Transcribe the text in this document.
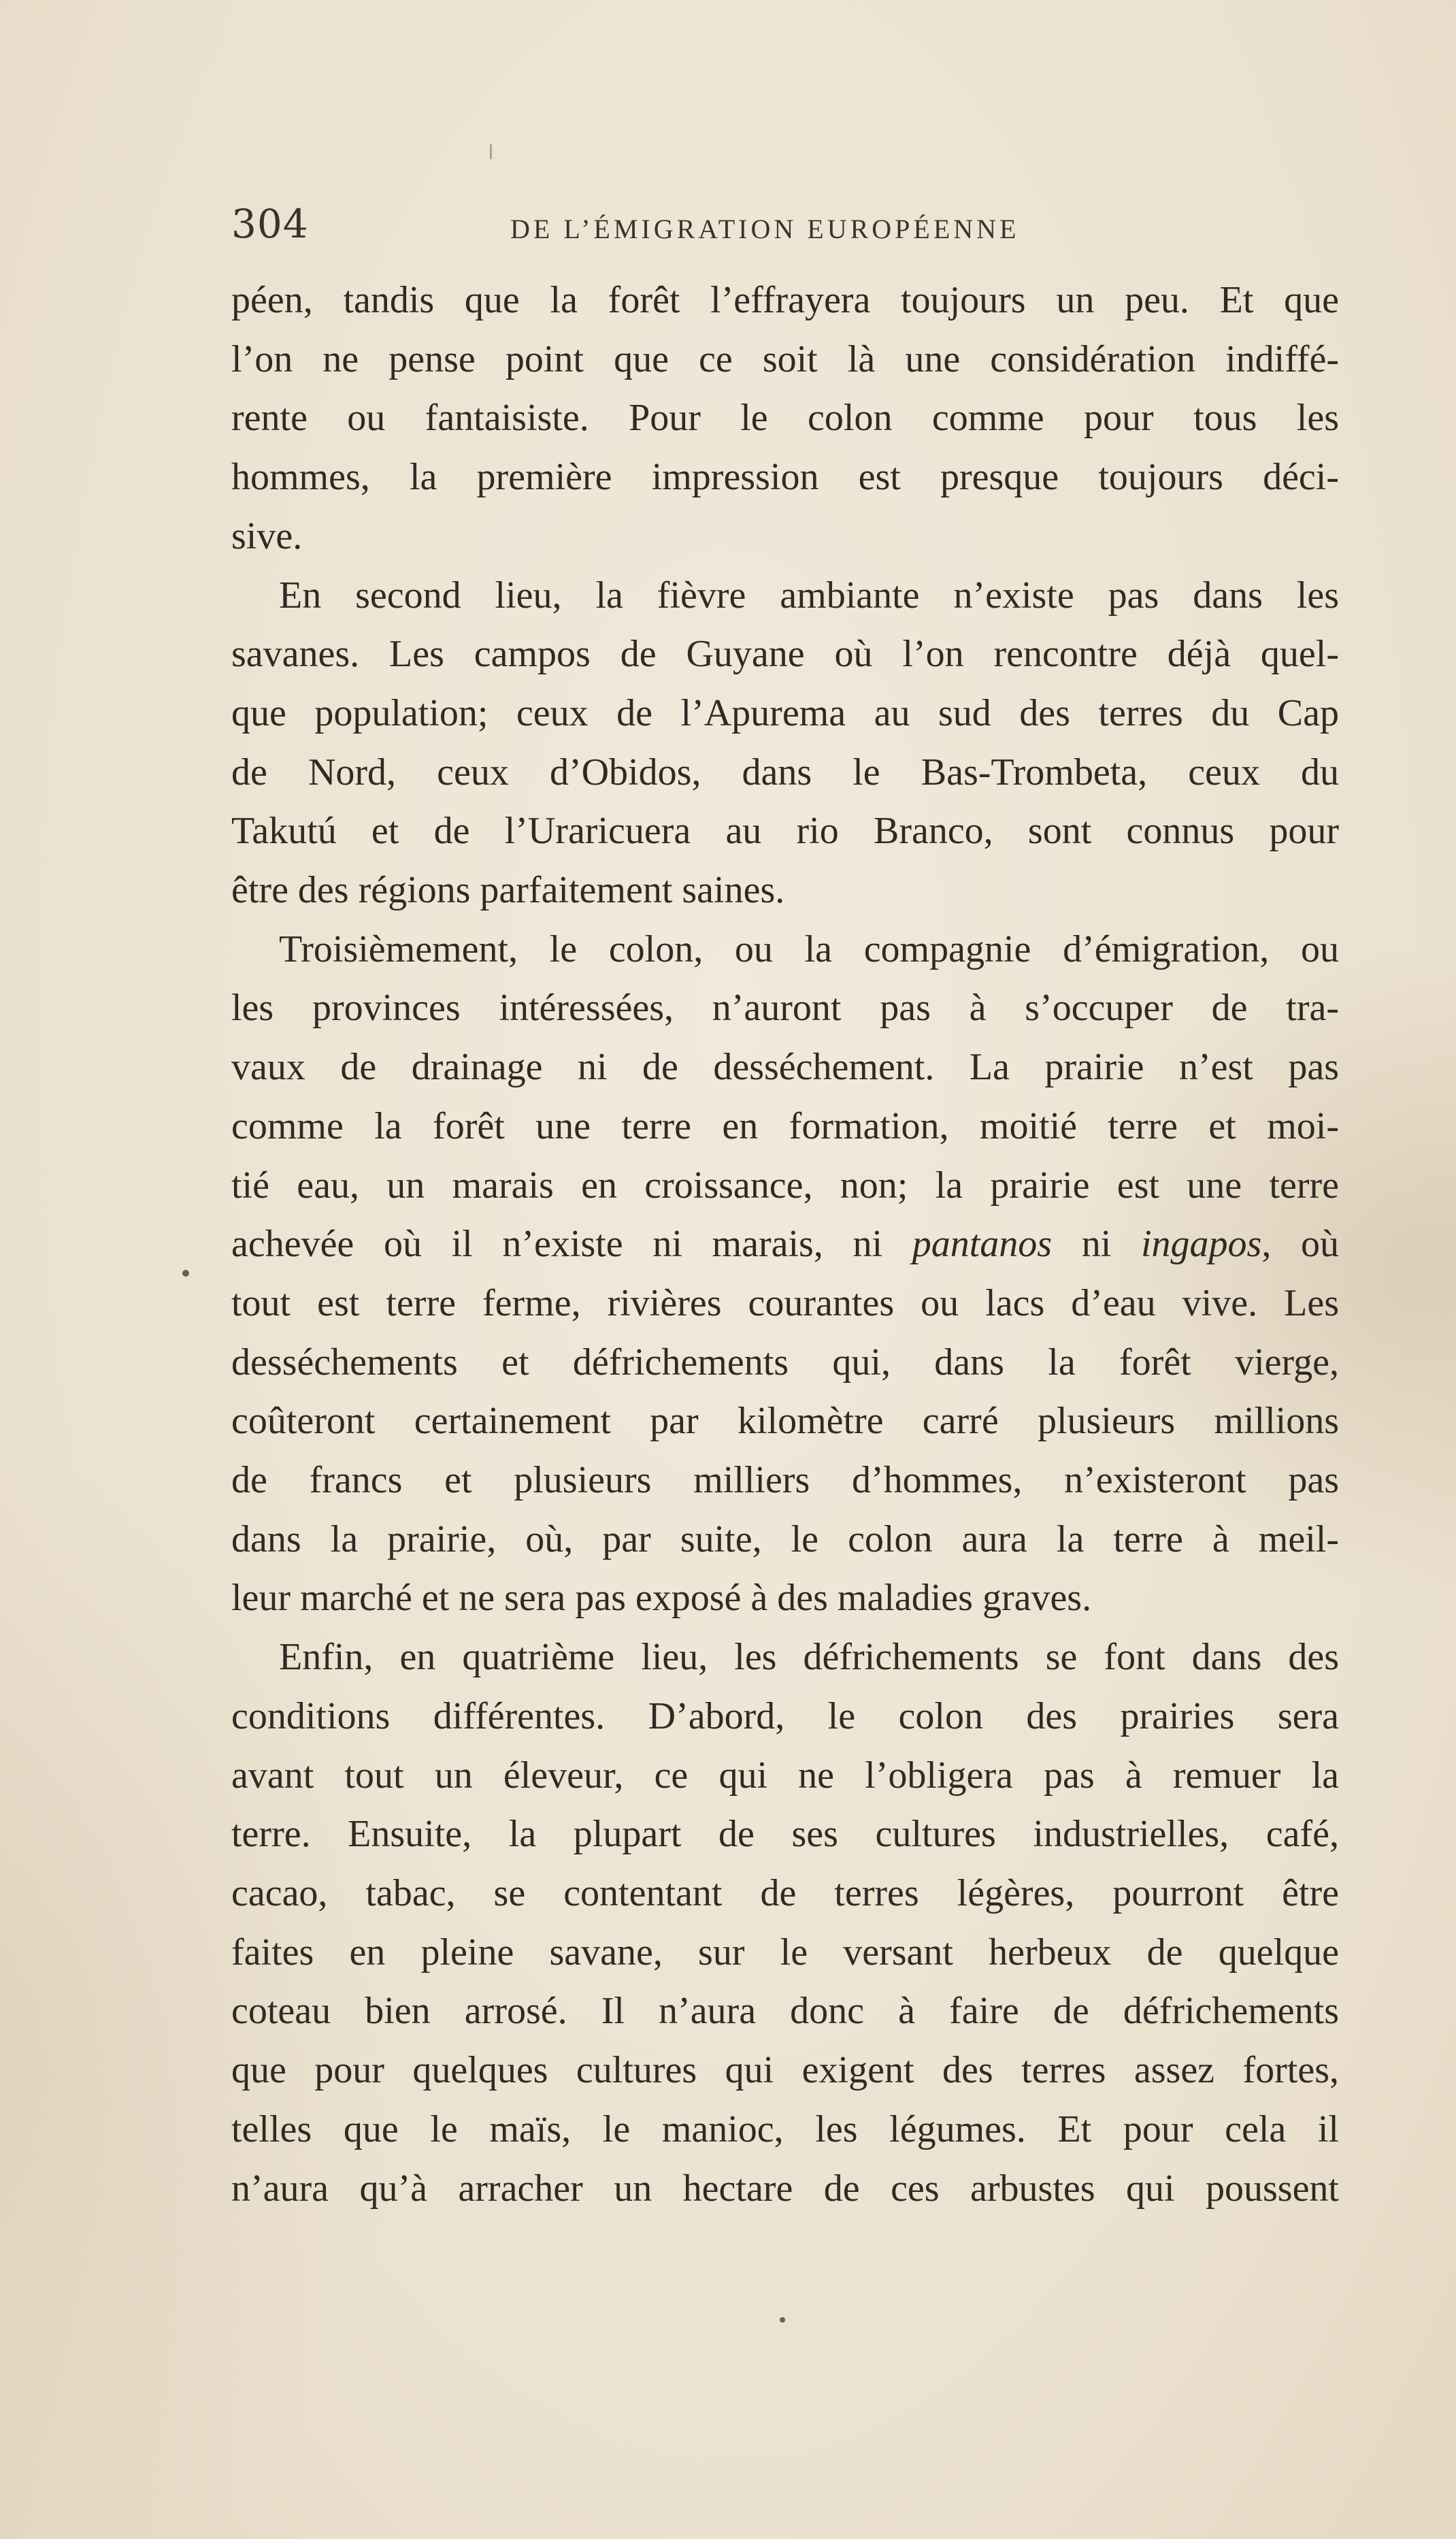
304	DE L’ÉMIGRATION EUROPÉENNE
péen, tandis que la forêt l’effrayera toujours un peu. Et que
l’on ne pense point que ce soit là une considération indiffé-
rente ou fantaisiste. Pour le colon comme pour tous les
hommes, la première impression est presque toujours déci-
sive.
En second lieu, la fièvre ambiante n’existe pas dans les
savanes. Les campos de Guyane où l’on rencontre déjà quel-
que population; ceux de l’Apurema au sud des terres du Cap
de Nord, ceux d’Obidos, dans le Bas-Trombeta, ceux du
Takutú et de l’Uraricuera au rio Branco, sont connus pour
être des régions parfaitement saines.
Troisièmement, le colon, ou la compagnie d’émigration, ou
les provinces intéressées, n’auront pas à s’occuper de tra-
vaux de drainage ni de desséchement. La prairie n’est pas
comme la forêt une terre en formation, moitié terre et moi-
tié eau, un marais en croissance, non; la prairie est une terre
achevée où il n’existe ni marais, ni pantanos ni ingapos, où
tout est terre ferme, rivières courantes ou lacs d’eau vive. Les
desséchements et défrichements qui, dans la forêt vierge,
coûteront certainement par kilomètre carré plusieurs millions
de francs et plusieurs milliers d’hommes, n’existeront pas
dans la prairie, où, par suite, le colon aura la terre à meil-
leur marché et ne sera pas exposé à des maladies graves.
Enfin, en quatrième lieu, les défrichements se font dans des
conditions différentes. D’abord, le colon des prairies sera
avant tout un éleveur, ce qui ne l’obligera pas à remuer la
terre. Ensuite, la plupart de ses cultures industrielles, café,
cacao, tabac, se contentant de terres légères, pourront être
faites en pleine savane, sur le versant herbeux de quelque
coteau bien arrosé. Il n’aura donc à faire de défrichements
que pour quelques cultures qui exigent des terres assez fortes,
telles que le maïs, le manioc, les légumes. Et pour cela il
n’aura qu’à arracher un hectare de ces arbustes qui poussent
